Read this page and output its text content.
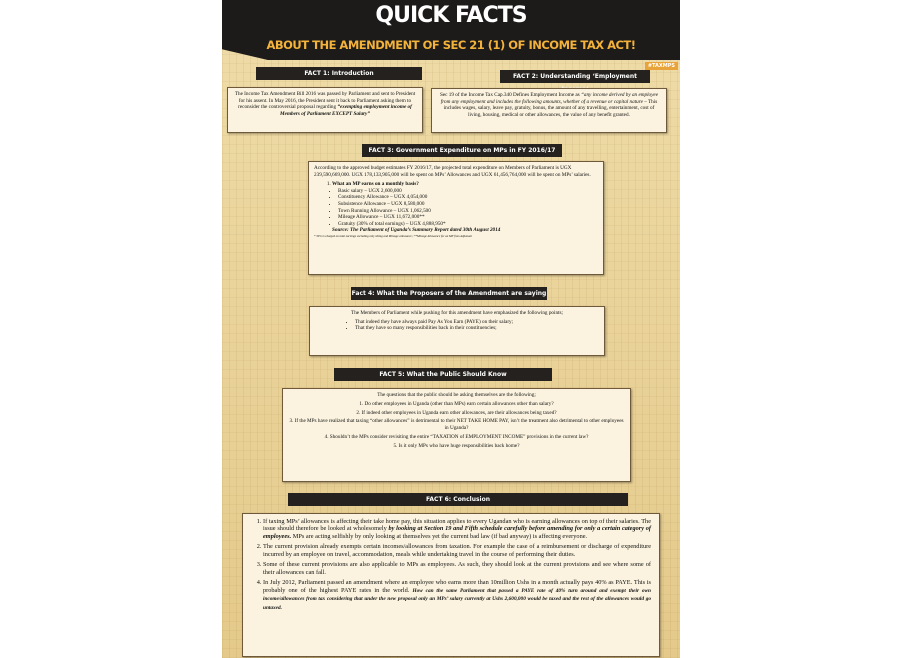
QUICK FACTS
ABOUT THE AMENDMENT OF SEC 21 (1) OF INCOME TAX ACT!
#TAXMPS
FACT 1: Introduction

The Income Tax Amendment Bill 2016 was passed by Parliament and sent to President for his assent. In May 2016, the President sent it back to Parliament asking them to reconsider the controversial proposal regarding “exempting employment income of Members of Parliament EXCEPT Salary”

FACT 2: Understanding ‘Employment

Sec 19 of the Income Tax Cap.340 Defines Employment Income as “any income derived by an employee from any employment and includes the following amounts, whether of a revenue or capital nature – This includes wages, salary, leave pay, gratuity, bonus, the amount of any travelling, entertainment, cost of living, housing, medical or other allowances, the value of any benefit granted.

FACT 3: Government Expenditure on MPs in FY 2016/17

According to the approved budget estimates FY 2016/17, the projected total expenditure on Members of Parliament is UGX 239,590,669,000. UGX 178,133,905,000 will be spent on MPs’ Allowances and UGX 61,456,764,000 will be spent on MPs’ salaries.

1. What an MP earns on a monthly basis?
• Basic salary – UGX 2,600,000
• Constituency Allowance – UGX 4,054,000
• Subsistence Allowance – UGX 8,580,000
• Town Running Allowance – UGX 1,062,500
• Mileage Allowance – UGX 11,672,000**
• Gratuity (30% of total earnings) – UGX 4,888,950*

Source: The Parliament of Uganda’s Summary Report dated 30th August 2014

* 30% is charged on total earnings excluding only sitting and Mileage allowance | **Mileage Allowance for an MP from Adjumani

Fact 4: What the Proposers of the Amendment are saying

The Members of Parliament while pushing for this amendment have emphasized the following points;

• That indeed they have always paid Pay As You Earn (PAYE) on their salary;
• That they have so many responsibilities back in their constituencies;
FACT 5: What the Public Should Know

The questions that the public should be asking themselves are the following;

1. Do other employees in Uganda (other than MPs) earn certain allowances other than salary?

2. If indeed other employees in Uganda earn other allowances, are their allowances being taxed?

3. If the MPs have realized that taxing “other allowances” is detrimental to their NET TAKE HOME PAY, isn’t the treatment also detrimental to other employees in Uganda?

4. Shouldn’t the MPs consider revisiting the entire “TAXATION of EMPLOYMENT INCOME” provisions in the current law?

5. Is it only MPs who have huge responsibilities back home?

FACT 6: Conclusion
1. If taxing MPs’ allowances is affecting their take home pay, this situation applies to every Ugandan who is earning allowances on top of their salaries. The issue should therefore be looked at wholesomely by looking at Section 19 and Fifth schedule carefully before amending for only a certain category of employees. MPs are acting selfishly by only looking at themselves yet the current bad law (if bad anyway) is affecting everyone.
2. The current provision already exempts certain incomes/allowances from taxation. For example the case of a reimbursement or discharge of expenditure incurred by an employee on travel, accommodation, meals while undertaking travel in the course of performing their duties.
3. Some of these current provisions are also applicable to MPs as employees. As such, they should look at the current provisions and see where some of their allowances can fall.
4. In July 2012, Parliament passed an amendment where an employee who earns more than 10million Ushs in a month actually pays 40% as PAYE. This is probably one of the highest PAYE rates in the world. How can the same Parliament that passed a PAYE rate of 40% turn around and exempt their own income/allowances from tax considering that under the new proposal only an MPs’ salary currently at Ushs 2,600,000 would be taxed and the rest of the allowances would go untaxed.
